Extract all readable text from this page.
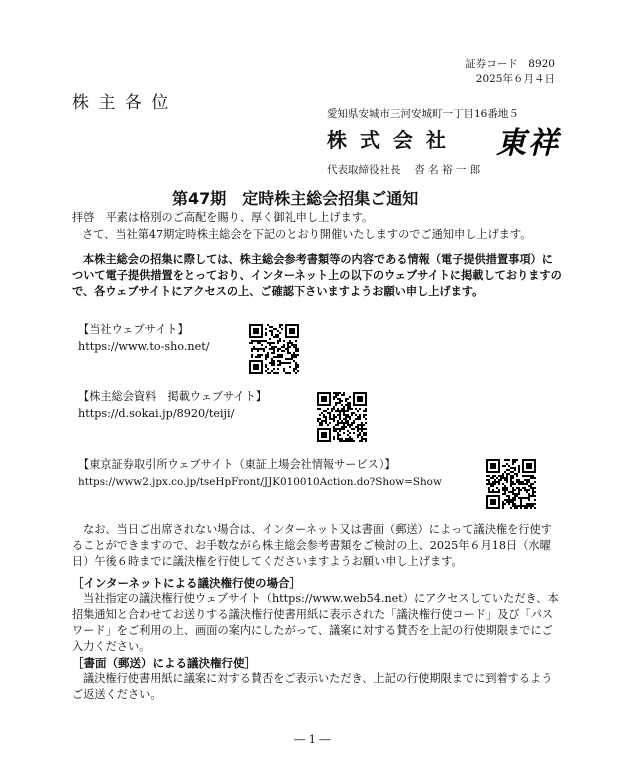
証券コード　8920
2025年６月４日
株 主 各 位
愛知県安城市三河安城町一丁目16番地５
株 式 会 社 東祥
代表取締役社長　 沓 名 裕 一 郎
第47期　定時株主総会招集ご通知
拝啓　平素は格別のご高配を賜り、厚く御礼申し上げます。
さて、当社第47期定時株主総会を下記のとおり開催いたしますのでご通知申し上げます。
本株主総会の招集に際しては、株主総会参考書類等の内容である情報（電子提供措置事項）について電子提供措置をとっており、インターネット上の以下のウェブサイトに掲載しておりますので、各ウェブサイトにアクセスの上、ご確認下さいますようお願い申し上げます。
【当社ウェブサイト】
https://www.to-sho.net/
【株主総会資料　掲載ウェブサイト】
https://d.sokai.jp/8920/teiji/
【東京証券取引所ウェブサイト（東証上場会社情報サービス）】
https://www2.jpx.co.jp/tseHpFront/JJK010010Action.do?Show=Show
なお、当日ご出席されない場合は、インターネット又は書面（郵送）によって議決権を行使することができますので、お手数ながら株主総会参考書類をご検討の上、2025年６月18日（水曜日）午後６時までに議決権を行使してくださいますようお願い申し上げます。
［インターネットによる議決権行使の場合］
当社指定の議決権行使ウェブサイト（https://www.web54.net）にアクセスしていただき、本招集通知と合わせてお送りする議決権行使書用紙に表示された「議決権行使コード」及び「パスワード」をご利用の上、画面の案内にしたがって、議案に対する賛否を上記の行使期限までにご入力ください。
［書面（郵送）による議決権行使］
議決権行使書用紙に議案に対する賛否をご表示いただき、上記の行使期限までに到着するようご返送ください。
― 1 ―
